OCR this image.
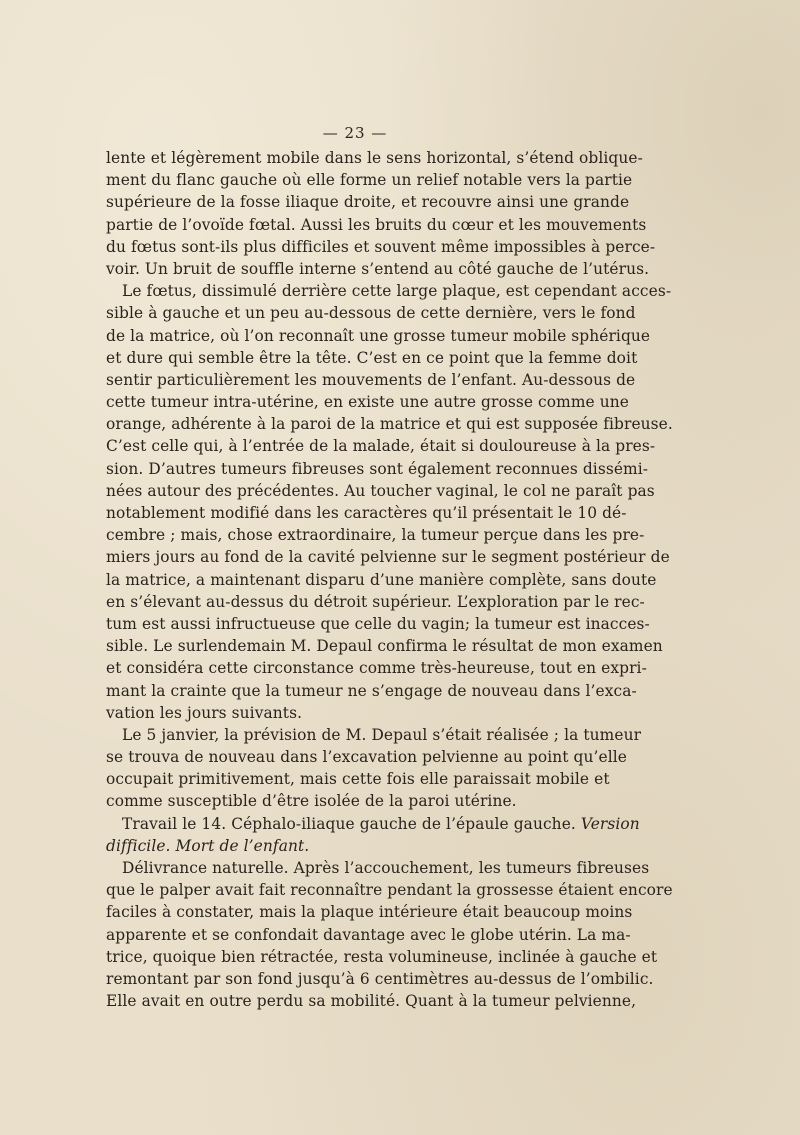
— 23 —
lente et légèrement mobile dans le sens horizontal, s’étend oblique-
ment du flanc gauche où elle forme un relief notable vers la partie
supérieure de la fosse iliaque droite, et recouvre ainsi une grande
partie de l’ovoïde fœtal. Aussi les bruits du cœur et les mouvements
du fœtus sont-ils plus difficiles et souvent même impossibles à perce-
voir. Un bruit de souffle interne s’entend au côté gauche de l’utérus.
Le fœtus, dissimulé derrière cette large plaque, est cependant acces-
sible à gauche et un peu au-dessous de cette dernière, vers le fond
de la matrice, où l’on reconnaît une grosse tumeur mobile sphérique
et dure qui semble être la tête. C’est en ce point que la femme doit
sentir particulièrement les mouvements de l’enfant. Au-dessous de
cette tumeur intra-utérine, en existe une autre grosse comme une
orange, adhérente à la paroi de la matrice et qui est supposée fibreuse.
C’est celle qui, à l’entrée de la malade, était si douloureuse à la pres-
sion. D’autres tumeurs fibreuses sont également reconnues dissémi-
nées autour des précédentes. Au toucher vaginal, le col ne paraît pas
notablement modifié dans les caractères qu’il présentait le 10 dé-
cembre ; mais, chose extraordinaire, la tumeur perçue dans les pre-
miers jours au fond de la cavité pelvienne sur le segment postérieur de
la matrice, a maintenant disparu d’une manière complète, sans doute
en s’élevant au-dessus du détroit supérieur. L’exploration par le rec-
tum est aussi infructueuse que celle du vagin; la tumeur est inacces-
sible. Le surlendemain M. Depaul confirma le résultat de mon examen
et considéra cette circonstance comme très-heureuse, tout en expri-
mant la crainte que la tumeur ne s’engage de nouveau dans l’exca-
vation les jours suivants.
Le 5 janvier, la prévision de M. Depaul s’était réalisée ; la tumeur
se trouva de nouveau dans l’excavation pelvienne au point qu’elle
occupait primitivement, mais cette fois elle paraissait mobile et
comme susceptible d’être isolée de la paroi utérine.
Travail le 14. Céphalo-iliaque gauche de l’épaule gauche. Version
difficile. Mort de l’enfant.
Délivrance naturelle. Après l’accouchement, les tumeurs fibreuses
que le palper avait fait reconnaître pendant la grossesse étaient encore
faciles à constater, mais la plaque intérieure était beaucoup moins
apparente et se confondait davantage avec le globe utérin. La ma-
trice, quoique bien rétractée, resta volumineuse, inclinée à gauche et
remontant par son fond jusqu’à 6 centimètres au-dessus de l’ombilic.
Elle avait en outre perdu sa mobilité. Quant à la tumeur pelvienne,
